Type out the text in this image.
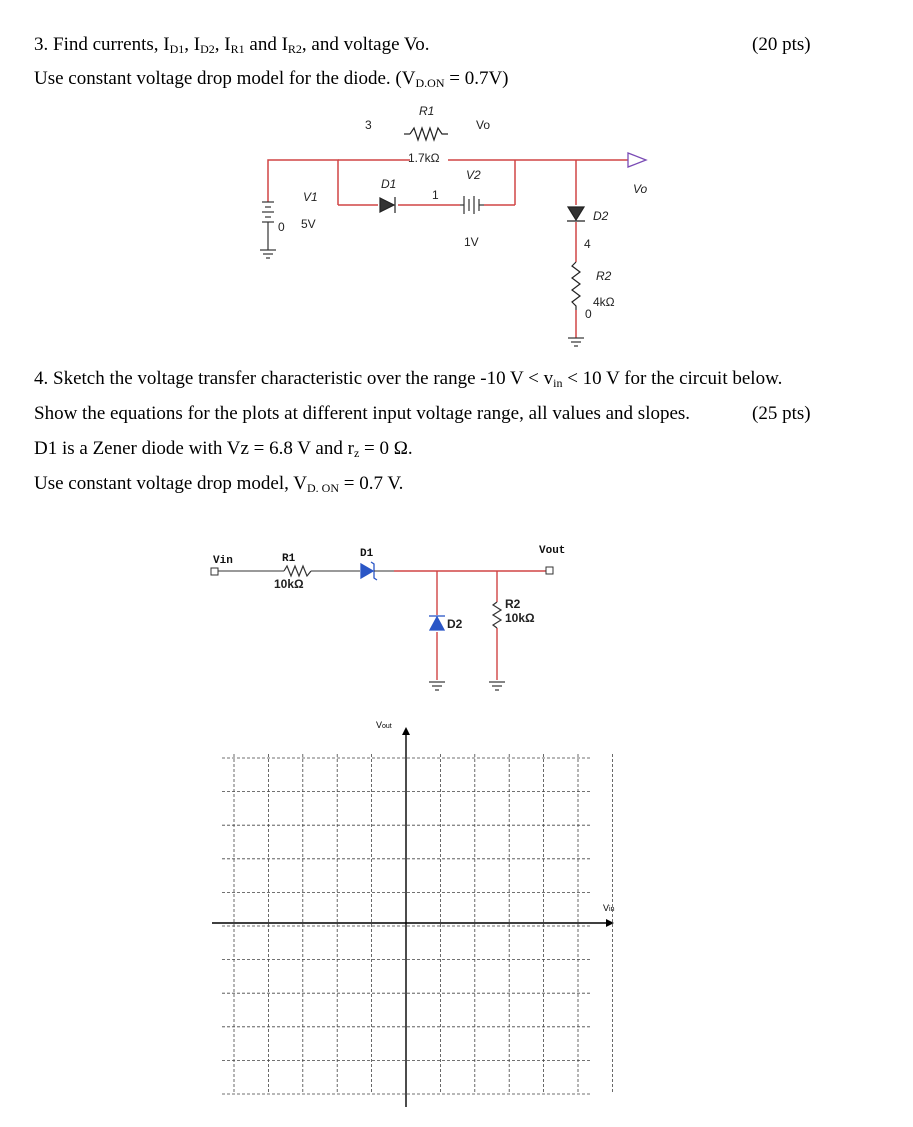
3. Find currents, $I_{D1}$, $I_{D2}$, $I_{R1}$ and $I_{R2}$, and voltage Vo.	(20 pts)
Use constant voltage drop model for the diode. $(V_{D.ON} = 0.7V)$
R1
1.7kΩ
3	Vo
V2
1V
D1
1
V1
0 5V
Vo
D2
4
R2
4kΩ
0
4. Sketch the voltage transfer characteristic over the range -10 $V < v_{in} < 10$ V for the circuit below.
Show the equations for the plots at different input voltage range, all values and slopes.	(25 pts)
D1 is a Zener diode with Vz = 6.8 V and $r_z = 0$ Ω.
Use constant voltage drop model, $V_{D. ON} = 0.7$ V.
Vin	R1
10kΩ
D1	Vout
D2
R2
10kΩ
Vout
Vin
